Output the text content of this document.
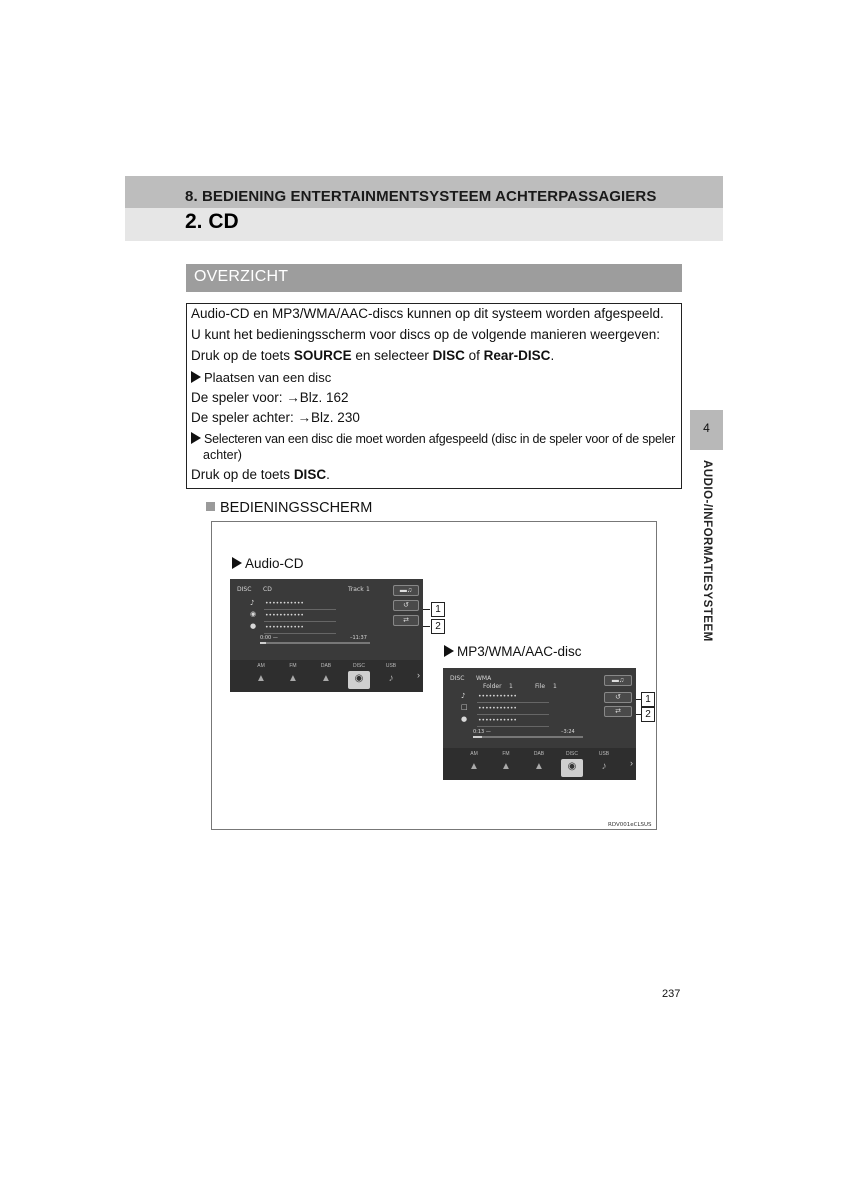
8. BEDIENING ENTERTAINMENTSYSTEEM ACHTERPASSAGIERS
2. CD
OVERZICHT
Audio-CD en MP3/WMA/AAC-discs kunnen op dit systeem worden afgespeeld.
U kunt het bedieningsscherm voor discs op de volgende manieren weergeven:
Druk op de toets SOURCE en selecteer DISC of Rear-DISC.
Plaatsen van een disc
De speler voor: →Blz. 162
De speler achter: →Blz. 230
Selecteren van een disc die moet worden afgespeeld (disc in de speler voor of de speler
achter)
Druk op de toets DISC.
4
AUDIO-/INFORMATIESYSTEEM
BEDIENINGSSCHERM
Audio-CD
DISC CD	Track 1	▬♫
♪ •••••••••••
◉ •••••••••••
● •••••••••••
↺
⇄
0:00 —	–11:37
AM
▲
FM
▲
DAB
▲
DISC
◉
USB
♪	›
1
2
MP3/WMA/AAC-disc
DISC WMA
Folder 1	File 1
▬♫
♪ •••••••••••
□ •••••••••••
● •••••••••••
↺
⇄
0:13 —	–3:24
AM
▲
FM
▲
DAB
▲
DISC
◉
USB
♪	›
1
2
RDV001eCLSUS
237
